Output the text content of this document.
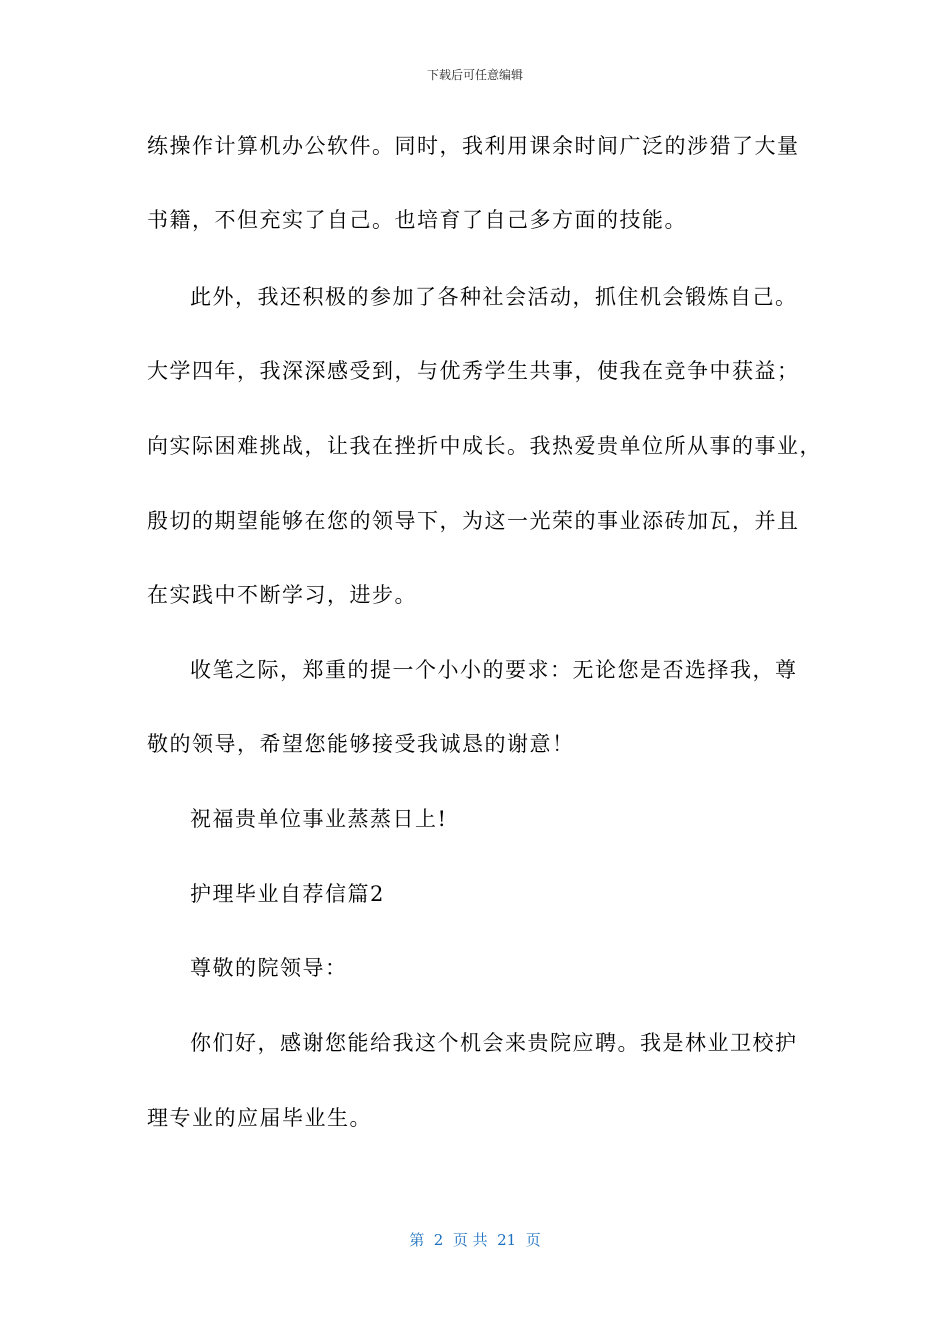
下载后可任意编辑
练操作计算机办公软件。同时，我利用课余时间广泛的涉猎了大量
书籍，不但充实了自己。也培育了自己多方面的技能。
此外，我还积极的参加了各种社会活动，抓住机会锻炼自己。
大学四年，我深深感受到，与优秀学生共事，使我在竞争中获益；
向实际困难挑战，让我在挫折中成长。我热爱贵单位所从事的事业，
殷切的期望能够在您的领导下，为这一光荣的事业添砖加瓦，并且
在实践中不断学习，进步。
收笔之际，郑重的提一个小小的要求：无论您是否选择我，尊
敬的领导，希望您能够接受我诚恳的谢意！
祝福贵单位事业蒸蒸日上!
护理毕业自荐信篇2
尊敬的院领导：
你们好，感谢您能给我这个机会来贵院应聘。我是林业卫校护
理专业的应届毕业生。
第  2  页 共  21  页
